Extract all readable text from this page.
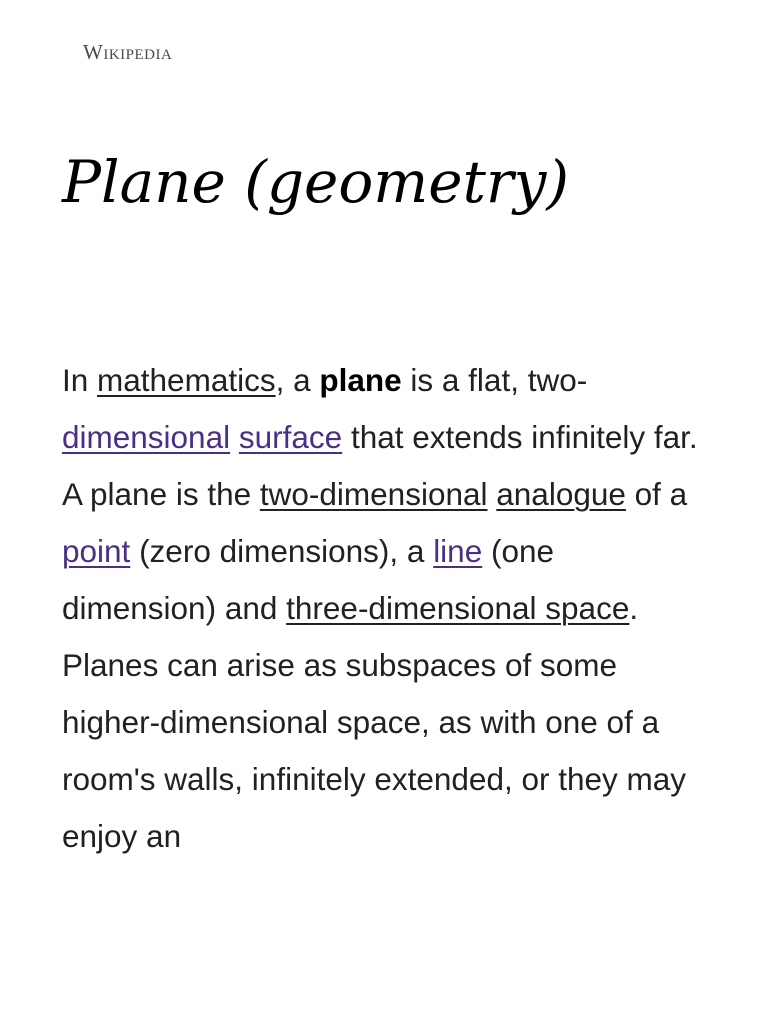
Wikipedia
Plane (geometry)

In mathematics, a plane is a flat, two-
dimensional surface that extends infinitely far. A plane is the two-dimensional analogue of a point (zero dimensions), a line (one dimension) and three-dimensional space. Planes can arise as subspaces of some higher-dimensional space, as with one of a room's walls, infinitely extended, or they may enjoy an
